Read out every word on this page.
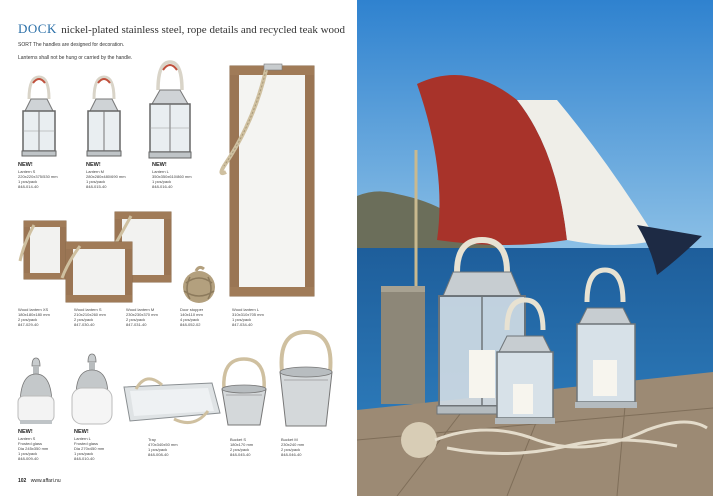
DOCK nickel-plated stainless steel, rope details and recycled teak wood SORT The handles are designed for decoration.
Lanterns shall not be hung or carried by the handle.
NEW!
Lantern S
220x220x375/530 mm
1 pcs/pack
848-014-40
NEW!
Lantern M
280x280x480/690 mm
1 pcs/pack
848-015-40
NEW!
Lantern L
350x350x610/860 mm
1 pcs/pack
848-016-40
Wood lantern XS
180x180x180 mm
2 pcs/pack
847-029-40
Wood lantern S
210x210x260 mm
2 pcs/pack
847-030-40
Wood lantern M
230x230x370 mm
2 pcs/pack
847-031-40
Door stopper
140x110 mm
4 pcs/pack
848-052-02
Wood lantern L
310x310x705 mm
1 pcs/pack
847-034-40
NEW!
Lantern S
Frosted glass
Dia 245x350 mm
1 pcs/pack
848-009-40
NEW!
Lantern L
Frosted glass
Dia 270x450 mm
1 pcs/pack
848-010-40
Tray
470x340x50 mm
1 pcs/pack
848-008-40
Bucket S
180x170 mm
2 pcs/pack
848-045-40
Bucket M
230x240 mm
2 pcs/pack
848-046-40
102 www.affari.nu
